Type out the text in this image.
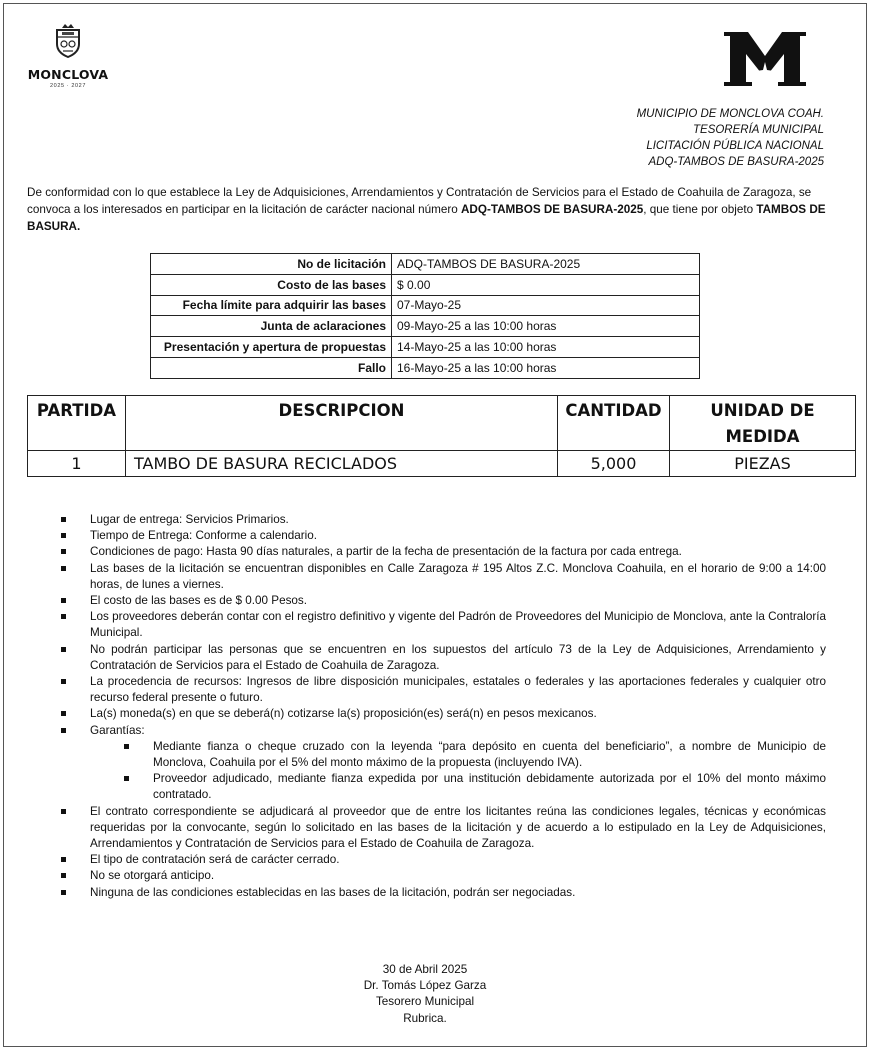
MONCLOVA
2025 · 2027
MUNICIPIO DE MONCLOVA COAH.
TESORERÍA MUNICIPAL
LICITACIÓN PÚBLICA NACIONAL
ADQ-TAMBOS DE BASURA-2025

De conformidad con lo que establece la Ley de Adquisiciones, Arrendamientos y Contratación de Servicios para el Estado de Coahuila de Zaragoza, se convoca a los interesados en participar en la licitación de carácter nacional número ADQ-TAMBOS DE BASURA-2025, que tiene por objeto TAMBOS DE BASURA.

No de licitación	ADQ-TAMBOS DE BASURA-2025
Costo de las bases	$ 0.00
Fecha límite para adquirir las bases	07-Mayo-25
Junta de aclaraciones	09-Mayo-25 a las 10:00 horas
Presentación y apertura de propuestas	14-Mayo-25 a las 10:00 horas
Fallo	16-Mayo-25 a las 10:00 horas
PARTIDA	DESCRIPCION	CANTIDAD	UNIDAD DE MEDIDA
1	TAMBO DE BASURA RECICLADOS	5,000	PIEZAS
Lugar de entrega: Servicios Primarios.
Tiempo de Entrega: Conforme a calendario.
Condiciones de pago: Hasta 90 días naturales, a partir de la fecha de presentación de la factura por cada entrega.
Las bases de la licitación se encuentran disponibles en Calle Zaragoza # 195 Altos Z.C. Monclova Coahuila, en el horario de 9:00 a 14:00 horas, de lunes a viernes.
El costo de las bases es de $ 0.00 Pesos.
Los proveedores deberán contar con el registro definitivo y vigente del Padrón de Proveedores del Municipio de Monclova, ante la Contraloría Municipal.
No podrán participar las personas que se encuentren en los supuestos del artículo 73 de la Ley de Adquisiciones, Arrendamiento y Contratación de Servicios para el Estado de Coahuila de Zaragoza.
La procedencia de recursos: Ingresos de libre disposición municipales, estatales o federales y las aportaciones federales y cualquier otro recurso federal presente o futuro.
La(s) moneda(s) en que se deberá(n) cotizarse la(s) proposición(es) será(n) en pesos mexicanos.
Garantías:
Mediante fianza o cheque cruzado con la leyenda “para depósito en cuenta del beneficiario”, a nombre de Municipio de Monclova, Coahuila por el 5% del monto máximo de la propuesta (incluyendo IVA).
Proveedor adjudicado, mediante fianza expedida por una institución debidamente autorizada por el 10% del monto máximo contratado.
El contrato correspondiente se adjudicará al proveedor que de entre los licitantes reúna las condiciones legales, técnicas y económicas requeridas por la convocante, según lo solicitado en las bases de la licitación y de acuerdo a lo estipulado en la Ley de Adquisiciones, Arrendamientos y Contratación de Servicios para el Estado de Coahuila de Zaragoza.
El tipo de contratación será de carácter cerrado.
No se otorgará anticipo.
Ninguna de las condiciones establecidas en las bases de la licitación, podrán ser negociadas.
30 de Abril 2025
Dr. Tomás López Garza
Tesorero Municipal
Rubrica.
